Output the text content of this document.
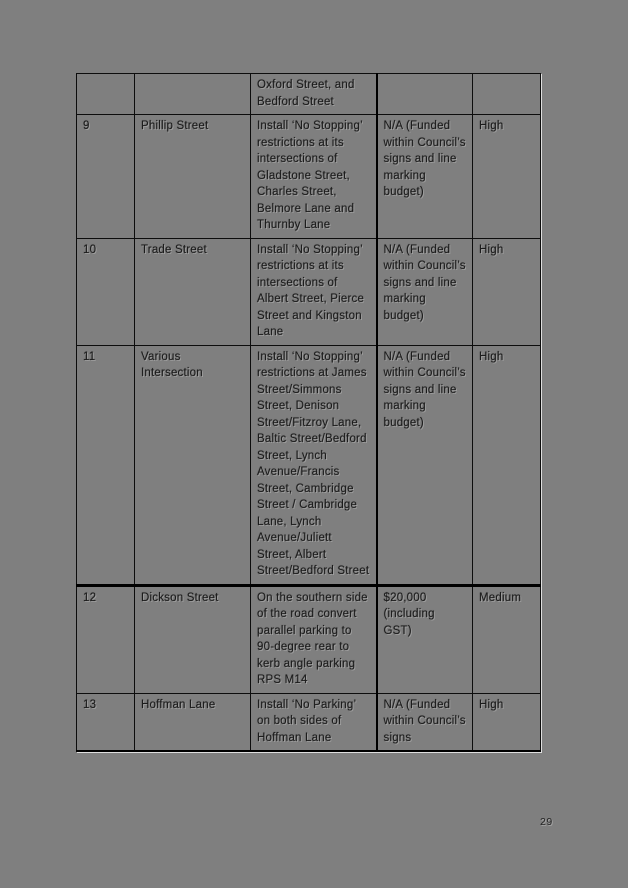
		Oxford Street, and Bedford Street		
9	Phillip Street	Install ‘No Stopping’ restrictions at its intersections of Gladstone Street, Charles Street, Belmore Lane and Thurnby Lane	N/A (Funded within Council’s signs and line marking budget)	High
10	Trade Street	Install ‘No Stopping’ restrictions at its intersections of Albert Street, Pierce Street and Kingston Lane	N/A (Funded within Council’s signs and line marking budget)	High
11	Various Intersection	Install ‘No Stopping’ restrictions at James Street/Simmons Street, Denison Street/Fitzroy Lane, Baltic Street/Bedford Street, Lynch Avenue/Francis Street, Cambridge Street / Cambridge Lane, Lynch Avenue/Juliett Street, Albert Street/Bedford Street	N/A (Funded within Council’s signs and line marking budget)	High
12	Dickson Street	On the southern side of the road convert parallel parking to 90-degree rear to kerb angle parking RPS M14	$20,000 (including GST)	Medium
13	Hoffman Lane	Install ‘No Parking’ on both sides of Hoffman Lane	N/A (Funded within Council’s signs	High
29
